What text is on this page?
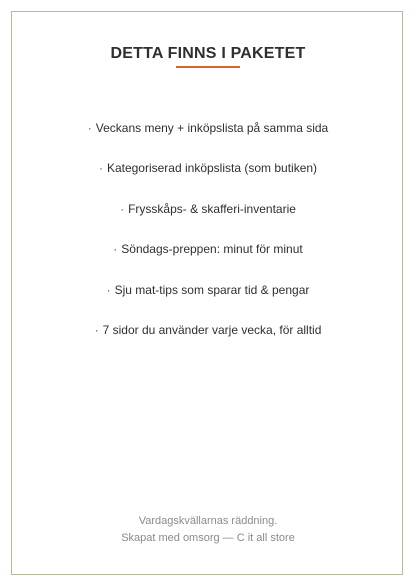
DETTA FINNS I PAKETET
· Veckans meny + inköpslista på samma sida
· Kategoriserad inköpslista (som butiken)
· Frysskåps- & skafferi-inventarie
· Söndags-preppen: minut för minut
· Sju mat-tips som sparar tid & pengar
· 7 sidor du använder varje vecka, för alltid
Vardagskvällarnas räddning.
Skapat med omsorg — C it all store
